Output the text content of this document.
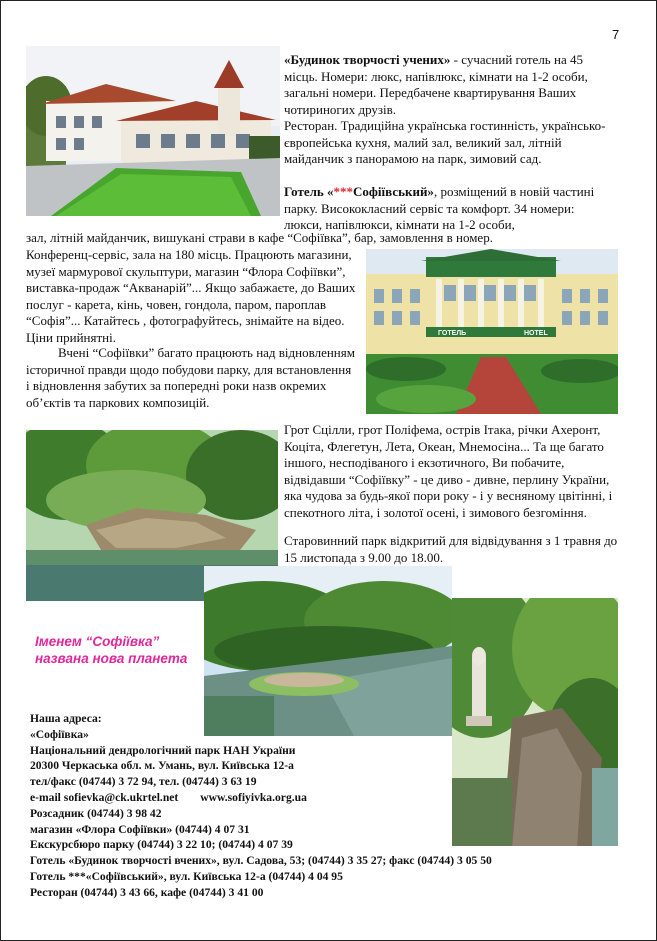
7
«Будинок творчості учених» - сучасний готель на 45 місць. Номери: люкс, напівлюкс, кімнати на 1-2 особи, загальні номери. Передбачене квартирування Ваших чотириногих друзів.
Ресторан. Традиційна українська гостинність, українсько-європейська кухня, малий зал, великий зал, літній майданчик з панорамою на парк, зимовий сад.
Готель «***Софіївський», розміщений в новій частині парку. Висококласний сервіс та комфорт. 34 номери: люкси, напівлюкси, кімнати на 1-2 особи,
зал, літній майданчик, вишукані страви в кафе “Софіївка”, бар, замовлення в номер.
Конференц-сервіс, зала на 180 місць. Працюють магазини, музеї мармурової скульптури, магазин “Флора Софіївки”, виставка-продаж “Акванарій”... Якщо забажаєте, до Ваших послуг - карета, кінь, човен, гондола, паром, пароплав “Софія”... Катайтесь , фотографуйтесь, знімайте на відео. Ціни прийнятні.
Вчені “Софіївки” багато працюють над відновленням історичної правди щодо побудови парку, для встановлення і відновлення забутих за попередні роки назв окремих об’єктів та паркових композицій.
ГОТЕЛЬ	HOTEL
Грот Сцілли, грот Поліфема, острів Ітака, річки Ахеронт, Коціта, Флегетун, Лета, Океан, Мнемосіна... Та ще багато іншого, несподіваного і екзотичного, Ви побачите, відвідавши “Софіївку” - це диво - дивне, перлину України, яка чудова за будь-якої пори року - і у весняному цвітінні, і спекотного літа, і золотої осені, і зимового безгоміння.
Старовинний парк відкритий для відвідування з 1 травня до 15 листопада з 9.00 до 18.00.
Іменем “Софіївка”
названа нова планета
Наша адреса:
«Софіївка»
Національний дендрологічний парк НАН України
20300 Черкаська обл. м. Умань, вул. Київська 12-а
тел/факс (04744) 3 72 94, тел. (04744) 3 63 19
e-mail sofievka@ck.ukrtel.net www.sofiyivka.org.ua
Розсадник (04744) 3 98 42
магазин «Флора Софіївки» (04744) 4 07 31
Екскурсбюро парку (04744) 3 22 10; (04744) 4 07 39
Готель «Будинок творчості вчених», вул. Садова, 53; (04744) 3 35 27; факс (04744) 3 05 50
Готель ***«Софіївський», вул. Київська 12-а (04744) 4 04 95
Ресторан (04744) 3 43 66, кафе (04744) 3 41 00
